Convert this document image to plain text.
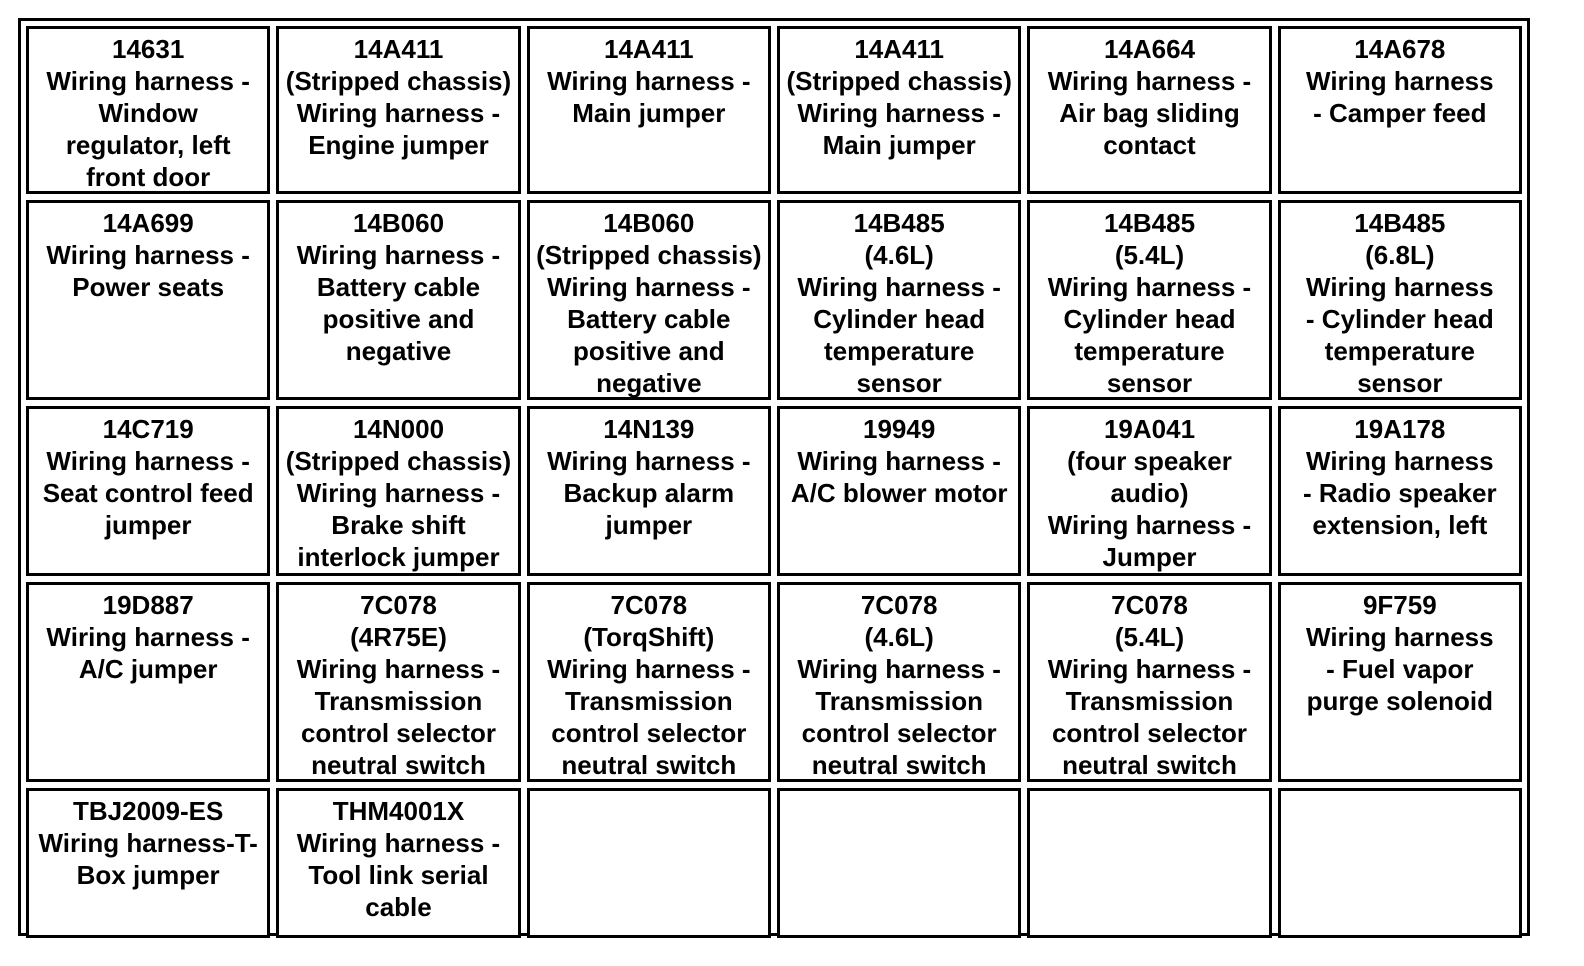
14631
Wiring harness -
Window
regulator, left
front door

14A411
(Stripped chassis)
Wiring harness -
Engine jumper

14A411
Wiring harness -
Main jumper

14A411
(Stripped chassis)
Wiring harness -
Main jumper

14A664
Wiring harness -
Air bag sliding
contact

14A678
Wiring harness
- Camper feed

14A699
Wiring harness -
Power seats

14B060
Wiring harness -
Battery cable
positive and
negative

14B060
(Stripped chassis)
Wiring harness -
Battery cable
positive and
negative

14B485
(4.6L)
Wiring harness -
Cylinder head
temperature
sensor

14B485
(5.4L)
Wiring harness -
Cylinder head
temperature
sensor

14B485
(6.8L)
Wiring harness
- Cylinder head
temperature
sensor

14C719
Wiring harness -
Seat control feed
jumper

14N000
(Stripped chassis)
Wiring harness -
Brake shift
interlock jumper

14N139
Wiring harness -
Backup alarm
jumper

19949
Wiring harness -
A/C blower motor

19A041
(four speaker
audio)
Wiring harness -
Jumper

19A178
Wiring harness
- Radio speaker
extension, left

19D887
Wiring harness -
A/C jumper

7C078
(4R75E)
Wiring harness -
Transmission
control selector
neutral switch

7C078
(TorqShift)
Wiring harness -
Transmission
control selector
neutral switch

7C078
(4.6L)
Wiring harness -
Transmission
control selector
neutral switch

7C078
(5.4L)
Wiring harness -
Transmission
control selector
neutral switch

9F759
Wiring harness
- Fuel vapor
purge solenoid

TBJ2009-ES
Wiring harness-T-
Box jumper

THM4001X
Wiring harness -
Tool link serial
cable
